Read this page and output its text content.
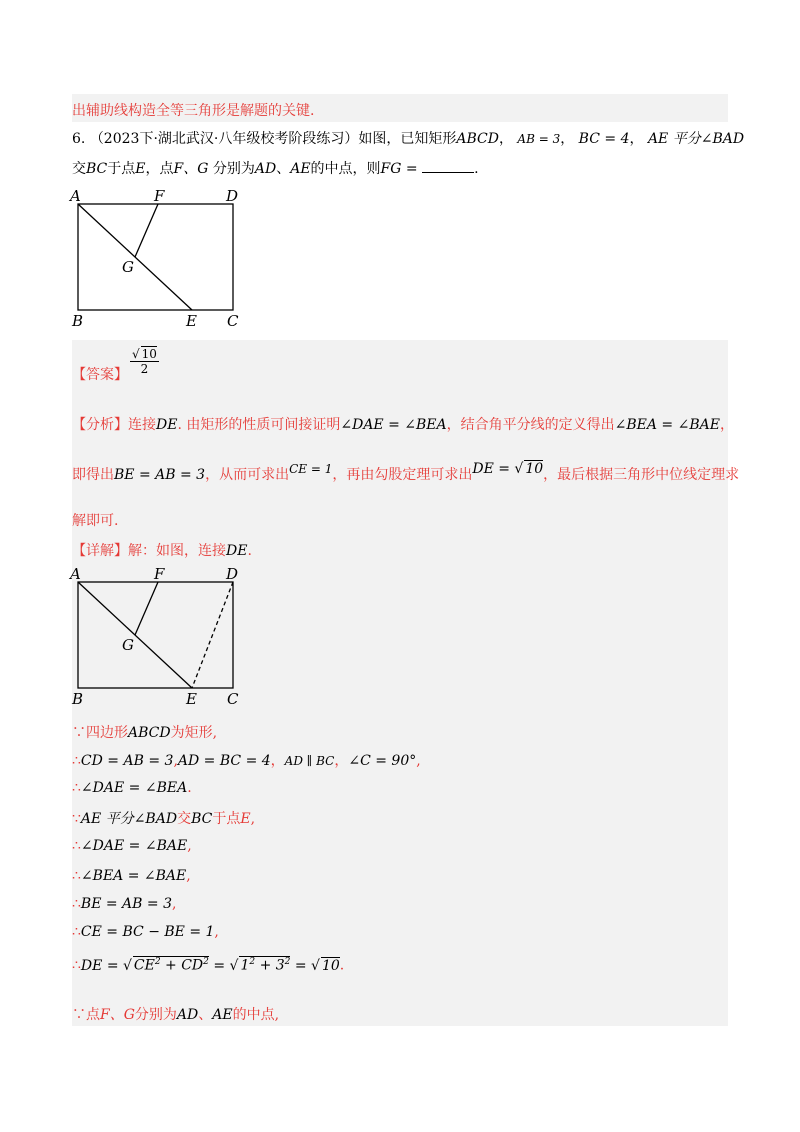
出辅助线构造全等三角形是解题的关键.
6. （2023下·湖北武汉·八年级校考阶段练习）如图，已知矩形ABCD， AB = 3， BC = 4， AE 平分∠BAD
交BC于点E，点F、G 分别为AD、AE的中点，则FG =	.
A	F	D
G
B	E C
【答案】 $\frac{√ 10}{2}$
【分析】连接DE. 由矩形的性质可间接证明∠DAE = ∠BEA，结合角平分线的定义得出∠BEA = ∠BAE，
即得出BE = AB = 3，从而可求出CE = 1，再由勾股定理可求出DE = √ 10，最后根据三角形中位线定理求
解即可.
【详解】解：如图，连接DE.
A	F	D
G
B	E C
∵四边形ABCD为矩形,
∴CD = AB = 3,AD = BC = 4，AD ∥ BC，∠C = 90°,
∴∠DAE = ∠BEA.
∵AE 平分∠BAD交BC于点E,
∴∠DAE = ∠BAE,
∴∠BEA = ∠BAE,
∴BE = AB = 3,
∴CE = BC − BE = 1,
∴DE = √ $CE^2 + CD^2$ = √ $1^2 + 3^2$ = √ 10.
∵点F、G分别为AD、AE的中点,
